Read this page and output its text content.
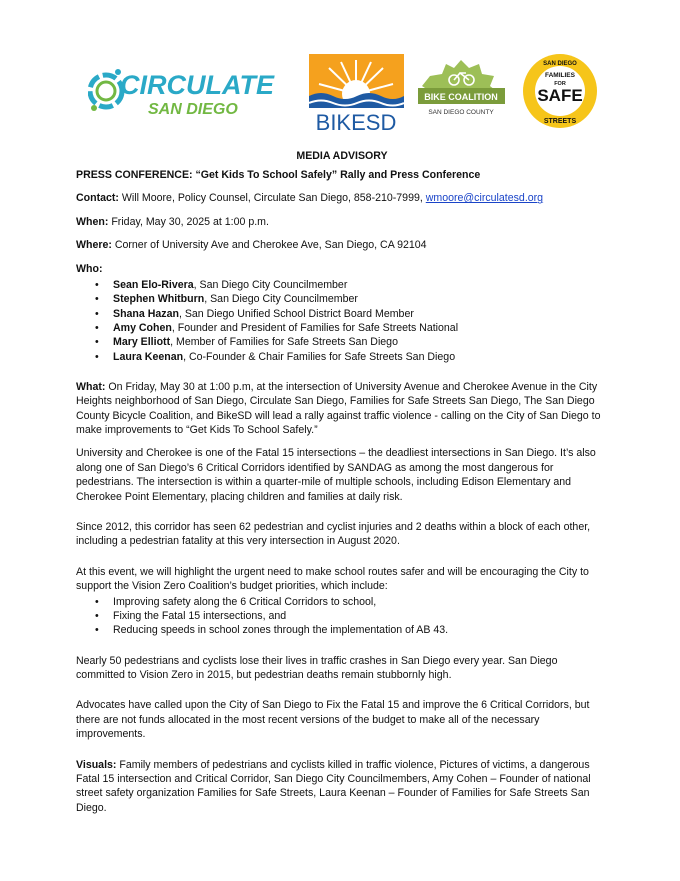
CIRCULATE
SAN DIEGO
BIKESD
BIKE COALITION
SAN DIEGO COUNTY
SAN DIEGO
FAMILIES
FOR
SAFE
STREETS
MEDIA ADVISORY

PRESS CONFERENCE: “Get Kids To School Safely” Rally and Press Conference

Contact: Will Moore, Policy Counsel, Circulate San Diego, 858-210-7999, wmoore@circulatesd.org

When: Friday, May 30, 2025 at 1:00 p.m.

Where: Corner of University Ave and Cherokee Ave, San Diego, CA 92104

Who:

• Sean Elo-Rivera, San Diego City Councilmember
• Stephen Whitburn, San Diego City Councilmember
• Shana Hazan, San Diego Unified School District Board Member
• Amy Cohen, Founder and President of Families for Safe Streets National
• Mary Elliott, Member of Families for Safe Streets San Diego
• Laura Keenan, Co-Founder & Chair Families for Safe Streets San Diego

What: On Friday, May 30 at 1:00 p.m, at the intersection of University Avenue and Cherokee Avenue in the City Heights neighborhood of San Diego, Circulate San Diego, Families for Safe Streets San Diego, The San Diego County Bicycle Coalition, and BikeSD will lead a rally against traffic violence - calling on the City of San Diego to make improvements to “Get Kids To School Safely.”

University and Cherokee is one of the Fatal 15 intersections – the deadliest intersections in San Diego. It’s also along one of San Diego’s 6 Critical Corridors identified by SANDAG as among the most dangerous for pedestrians. The intersection is within a quarter-mile of multiple schools, including Edison Elementary and Cherokee Point Elementary, placing children and families at daily risk.

Since 2012, this corridor has seen 62 pedestrian and cyclist injuries and 2 deaths within a block of each other, including a pedestrian fatality at this very intersection in August 2020.

At this event, we will highlight the urgent need to make school routes safer and will be encouraging the City to support the Vision Zero Coalition’s budget priorities, which include:

• Improving safety along the 6 Critical Corridors to school,
• Fixing the Fatal 15 intersections, and
• Reducing speeds in school zones through the implementation of AB 43.

Nearly 50 pedestrians and cyclists lose their lives in traffic crashes in San Diego every year. San Diego committed to Vision Zero in 2015, but pedestrian deaths remain stubbornly high.

Advocates have called upon the City of San Diego to Fix the Fatal 15 and improve the 6 Critical Corridors, but there are not funds allocated in the most recent versions of the budget to make all of the necessary improvements.

Visuals: Family members of pedestrians and cyclists killed in traffic violence, Pictures of victims, a dangerous Fatal 15 intersection and Critical Corridor, San Diego City Councilmembers, Amy Cohen – Founder of national street safety organization Families for Safe Streets, Laura Keenan – Founder of Families for Safe Streets San Diego.
